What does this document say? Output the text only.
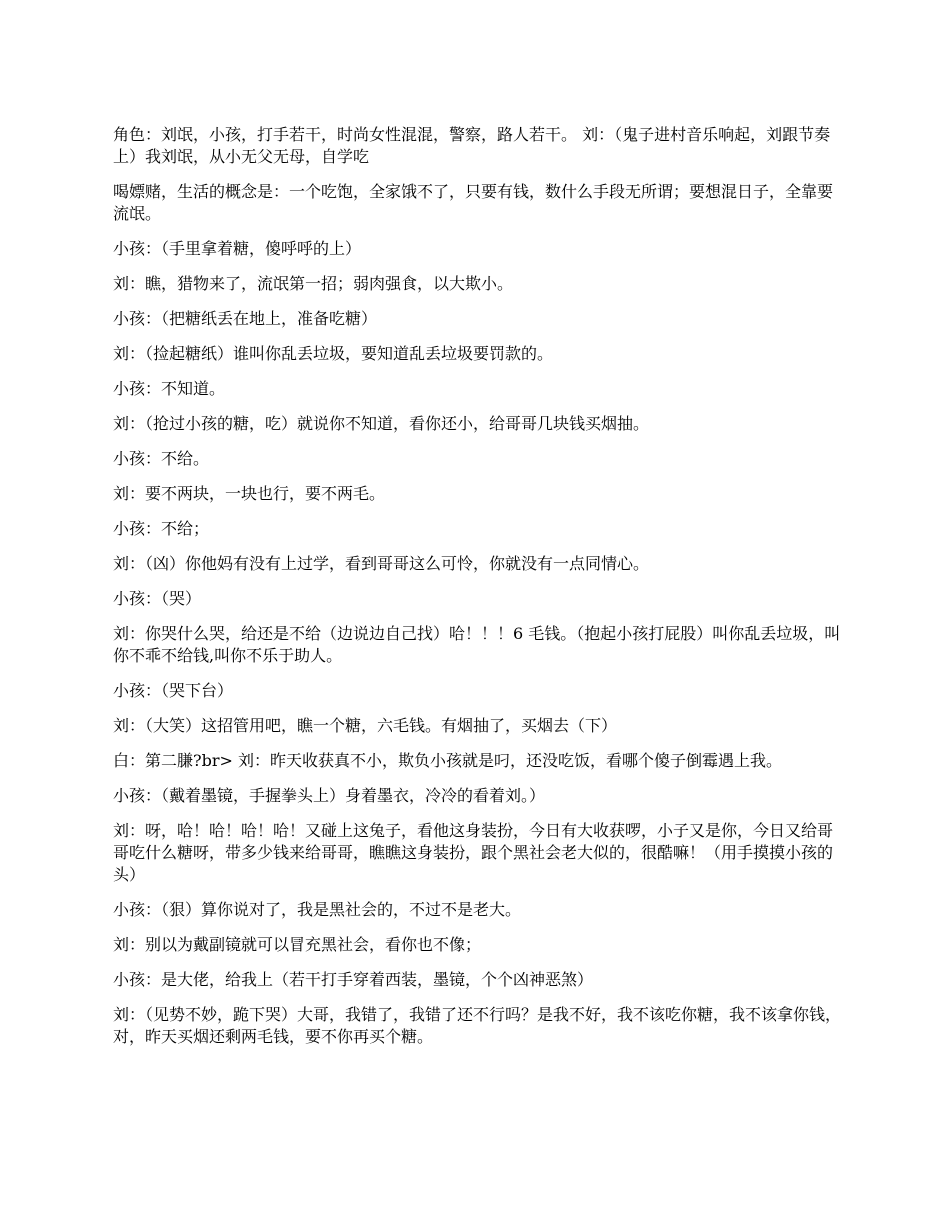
角色：刘氓，小孩，打手若干，时尚女性混混，警察，路人若干。 刘：（鬼子进村音乐响起，刘跟节奏上）我刘氓，从小无父无母，自学吃

喝嫖赌，生活的概念是：一个吃饱，全家饿不了，只要有钱，数什么手段无所谓；要想混日子，全靠要流氓。

小孩：（手里拿着糖，傻呼呼的上）

刘：瞧，猎物来了，流氓第一招；弱肉强食，以大欺小。

小孩：（把糖纸丢在地上，准备吃糖）

刘：（捡起糖纸）谁叫你乱丢垃圾，要知道乱丢垃圾要罚款的。

小孩：不知道。

刘：（抢过小孩的糖，吃）就说你不知道，看你还小，给哥哥几块钱买烟抽。

小孩：不给。

刘：要不两块，一块也行，要不两毛。

小孩：不给；

刘：（凶）你他妈有没有上过学，看到哥哥这么可怜，你就没有一点同情心。

小孩：（哭）

刘：你哭什么哭，给还是不给（边说边自己找）哈！！！6 毛钱。（抱起小孩打屁股）叫你乱丢垃圾，叫你不乖不给钱,叫你不乐于助人。

小孩：（哭下台）

刘：（大笑）这招管用吧，瞧一个糖，六毛钱。有烟抽了，买烟去（下）

白：第二膁?br> 刘：昨天收获真不小，欺负小孩就是叼，还没吃饭，看哪个傻子倒霉遇上我。

小孩：（戴着墨镜，手握拳头上）身着墨衣，冷冷的看着刘。）

刘：呀，哈！哈！哈！哈！又碰上这兔子，看他这身装扮，今日有大收获啰，小子又是你，今日又给哥哥吃什么糖呀，带多少钱来给哥哥，瞧瞧这身装扮，跟个黑社会老大似的，很酷嘛！（用手摸摸小孩的头）

小孩：（狠）算你说对了，我是黑社会的，不过不是老大。

刘：别以为戴副镜就可以冒充黑社会，看你也不像；

小孩：是大佬，给我上（若干打手穿着西装，墨镜，个个凶神恶煞）

刘：（见势不妙，跪下哭）大哥，我错了，我错了还不行吗？是我不好，我不该吃你糖，我不该拿你钱，对，昨天买烟还剩两毛钱，要不你再买个糖。
